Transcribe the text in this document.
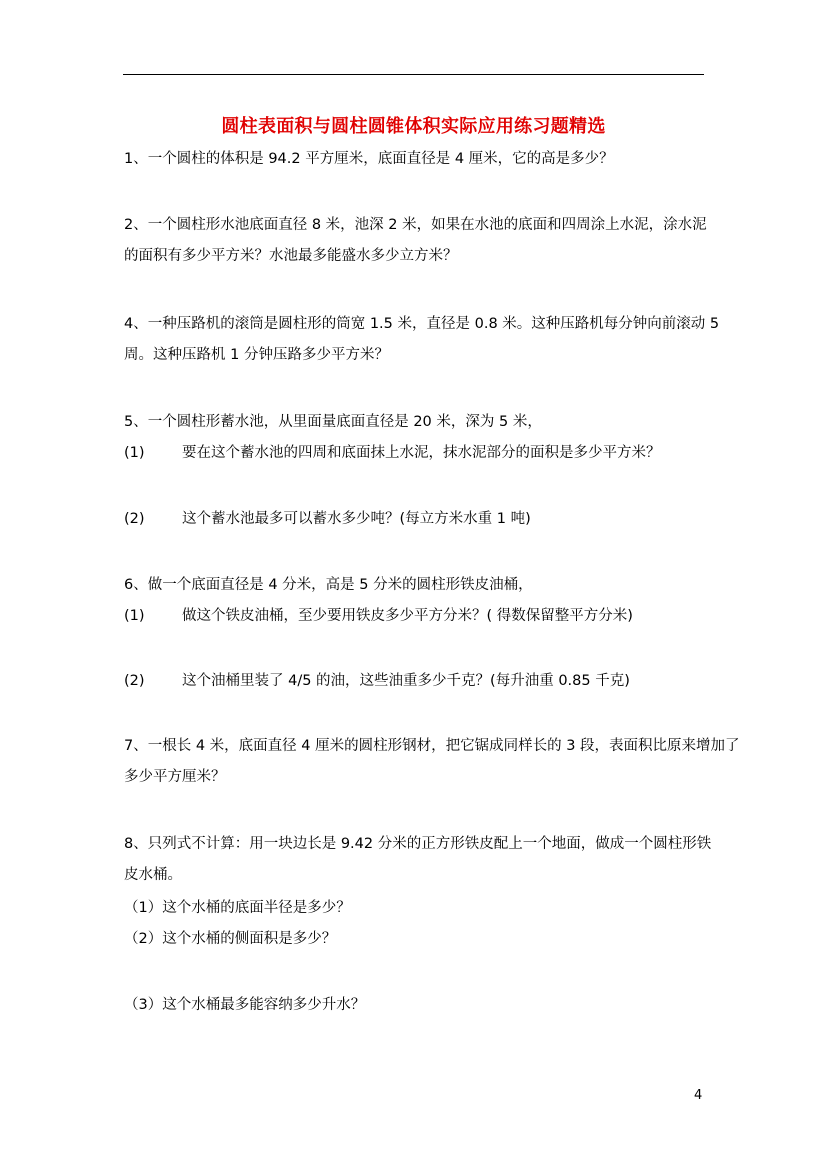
圆柱表面积与圆柱圆锥体积实际应用练习题精选
1、一个圆柱的体积是 94.2 平方厘米，底面直径是 4 厘米，它的高是多少？
2、一个圆柱形水池底面直径 8 米，池深 2 米，如果在水池的底面和四周涂上水泥，涂水泥
的面积有多少平方米？水池最多能盛水多少立方米？
4、一种压路机的滚筒是圆柱形的筒宽 1.5 米，直径是 0.8 米。这种压路机每分钟向前滚动 5
周。这种压路机 1 分钟压路多少平方米？
5、一个圆柱形蓄水池，从里面量底面直径是 20 米，深为 5 米，
(1)	要在这个蓄水池的四周和底面抹上水泥，抹水泥部分的面积是多少平方米？
(2)	这个蓄水池最多可以蓄水多少吨？(每立方米水重 1 吨)
6、做一个底面直径是 4 分米，高是 5 分米的圆柱形铁皮油桶，
(1)	做这个铁皮油桶，至少要用铁皮多少平方分米？( 得数保留整平方分米)
(2)	这个油桶里装了 4/5 的油，这些油重多少千克？(每升油重 0.85 千克)
7、一根长 4 米，底面直径 4 厘米的圆柱形钢材，把它锯成同样长的 3 段，表面积比原来增加了
多少平方厘米？
8、只列式不计算：用一块边长是 9.42 分米的正方形铁皮配上一个地面，做成一个圆柱形铁
皮水桶。
（1）这个水桶的底面半径是多少？
（2）这个水桶的侧面积是多少？
（3）这个水桶最多能容纳多少升水？
4
